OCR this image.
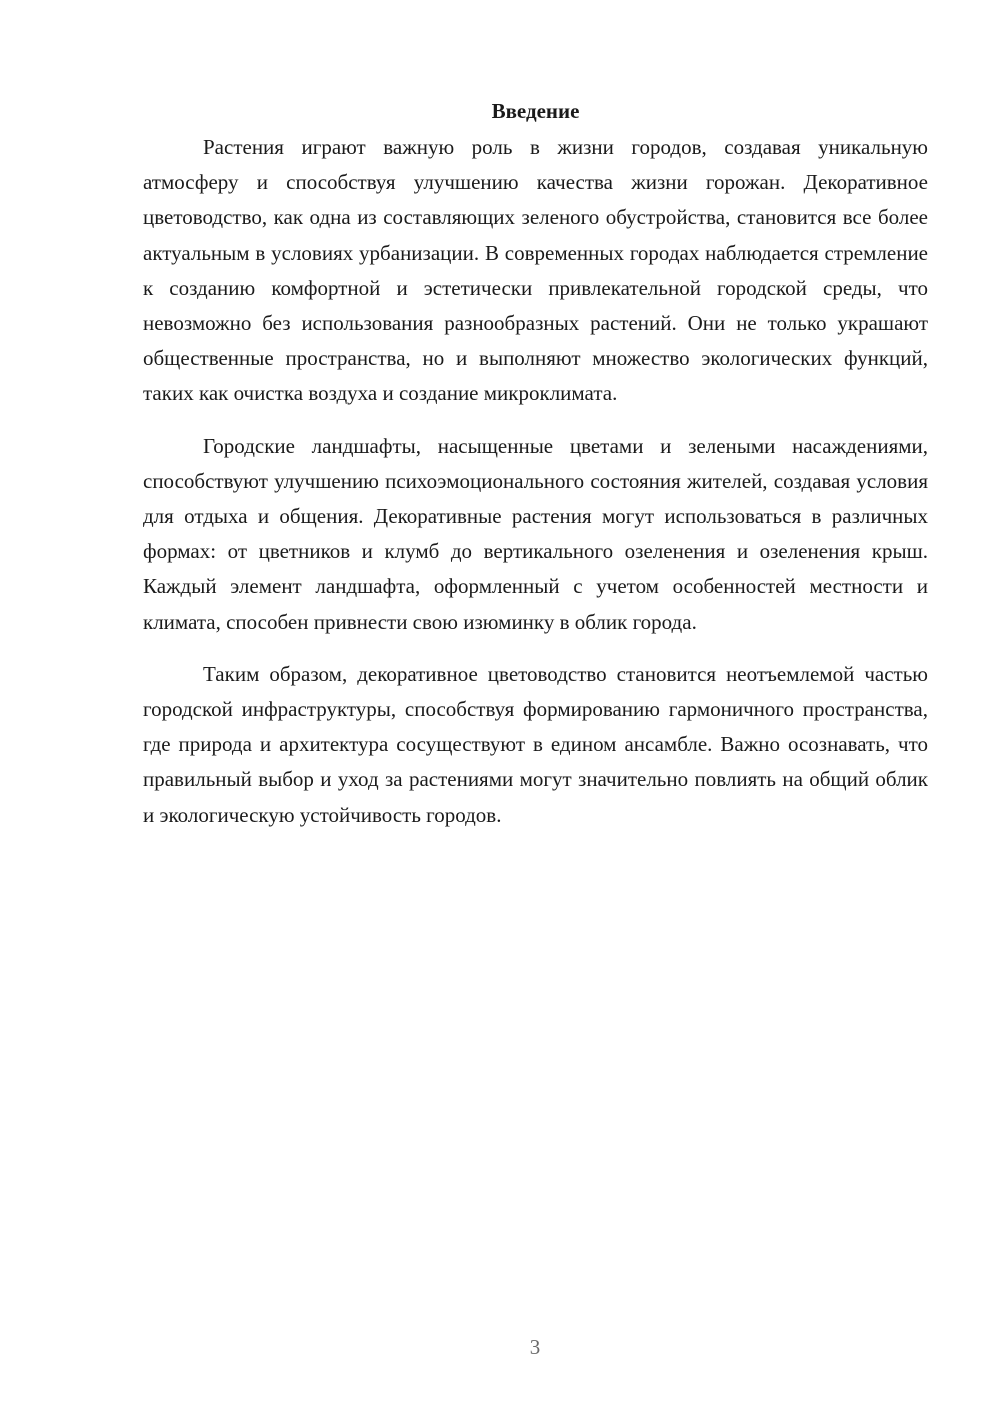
Введение

Растения играют важную роль в жизни городов, создавая уникальную атмосферу и способствуя улучшению качества жизни горожан. Декоративное цветоводство, как одна из составляющих зеленого обустройства, становится все более актуальным в условиях урбанизации. В современных городах наблюдается стремление к созданию комфортной и эстетически привлекательной городской среды, что невозможно без использования разнообразных растений. Они не только украшают общественные пространства, но и выполняют множество экологических функций, таких как очистка воздуха и создание микроклимата.

Городские ландшафты, насыщенные цветами и зелеными насаждениями, способствуют улучшению психоэмоционального состояния жителей, создавая условия для отдыха и общения. Декоративные растения могут использоваться в различных формах: от цветников и клумб до вертикального озеленения и озеленения крыш. Каждый элемент ландшафта, оформленный с учетом особенностей местности и климата, способен привнести свою изюминку в облик города.

Таким образом, декоративное цветоводство становится неотъемлемой частью городской инфраструктуры, способствуя формированию гармоничного пространства, где природа и архитектура сосуществуют в едином ансамбле. Важно осознавать, что правильный выбор и уход за растениями могут значительно повлиять на общий облик и экологическую устойчивость городов.

3
